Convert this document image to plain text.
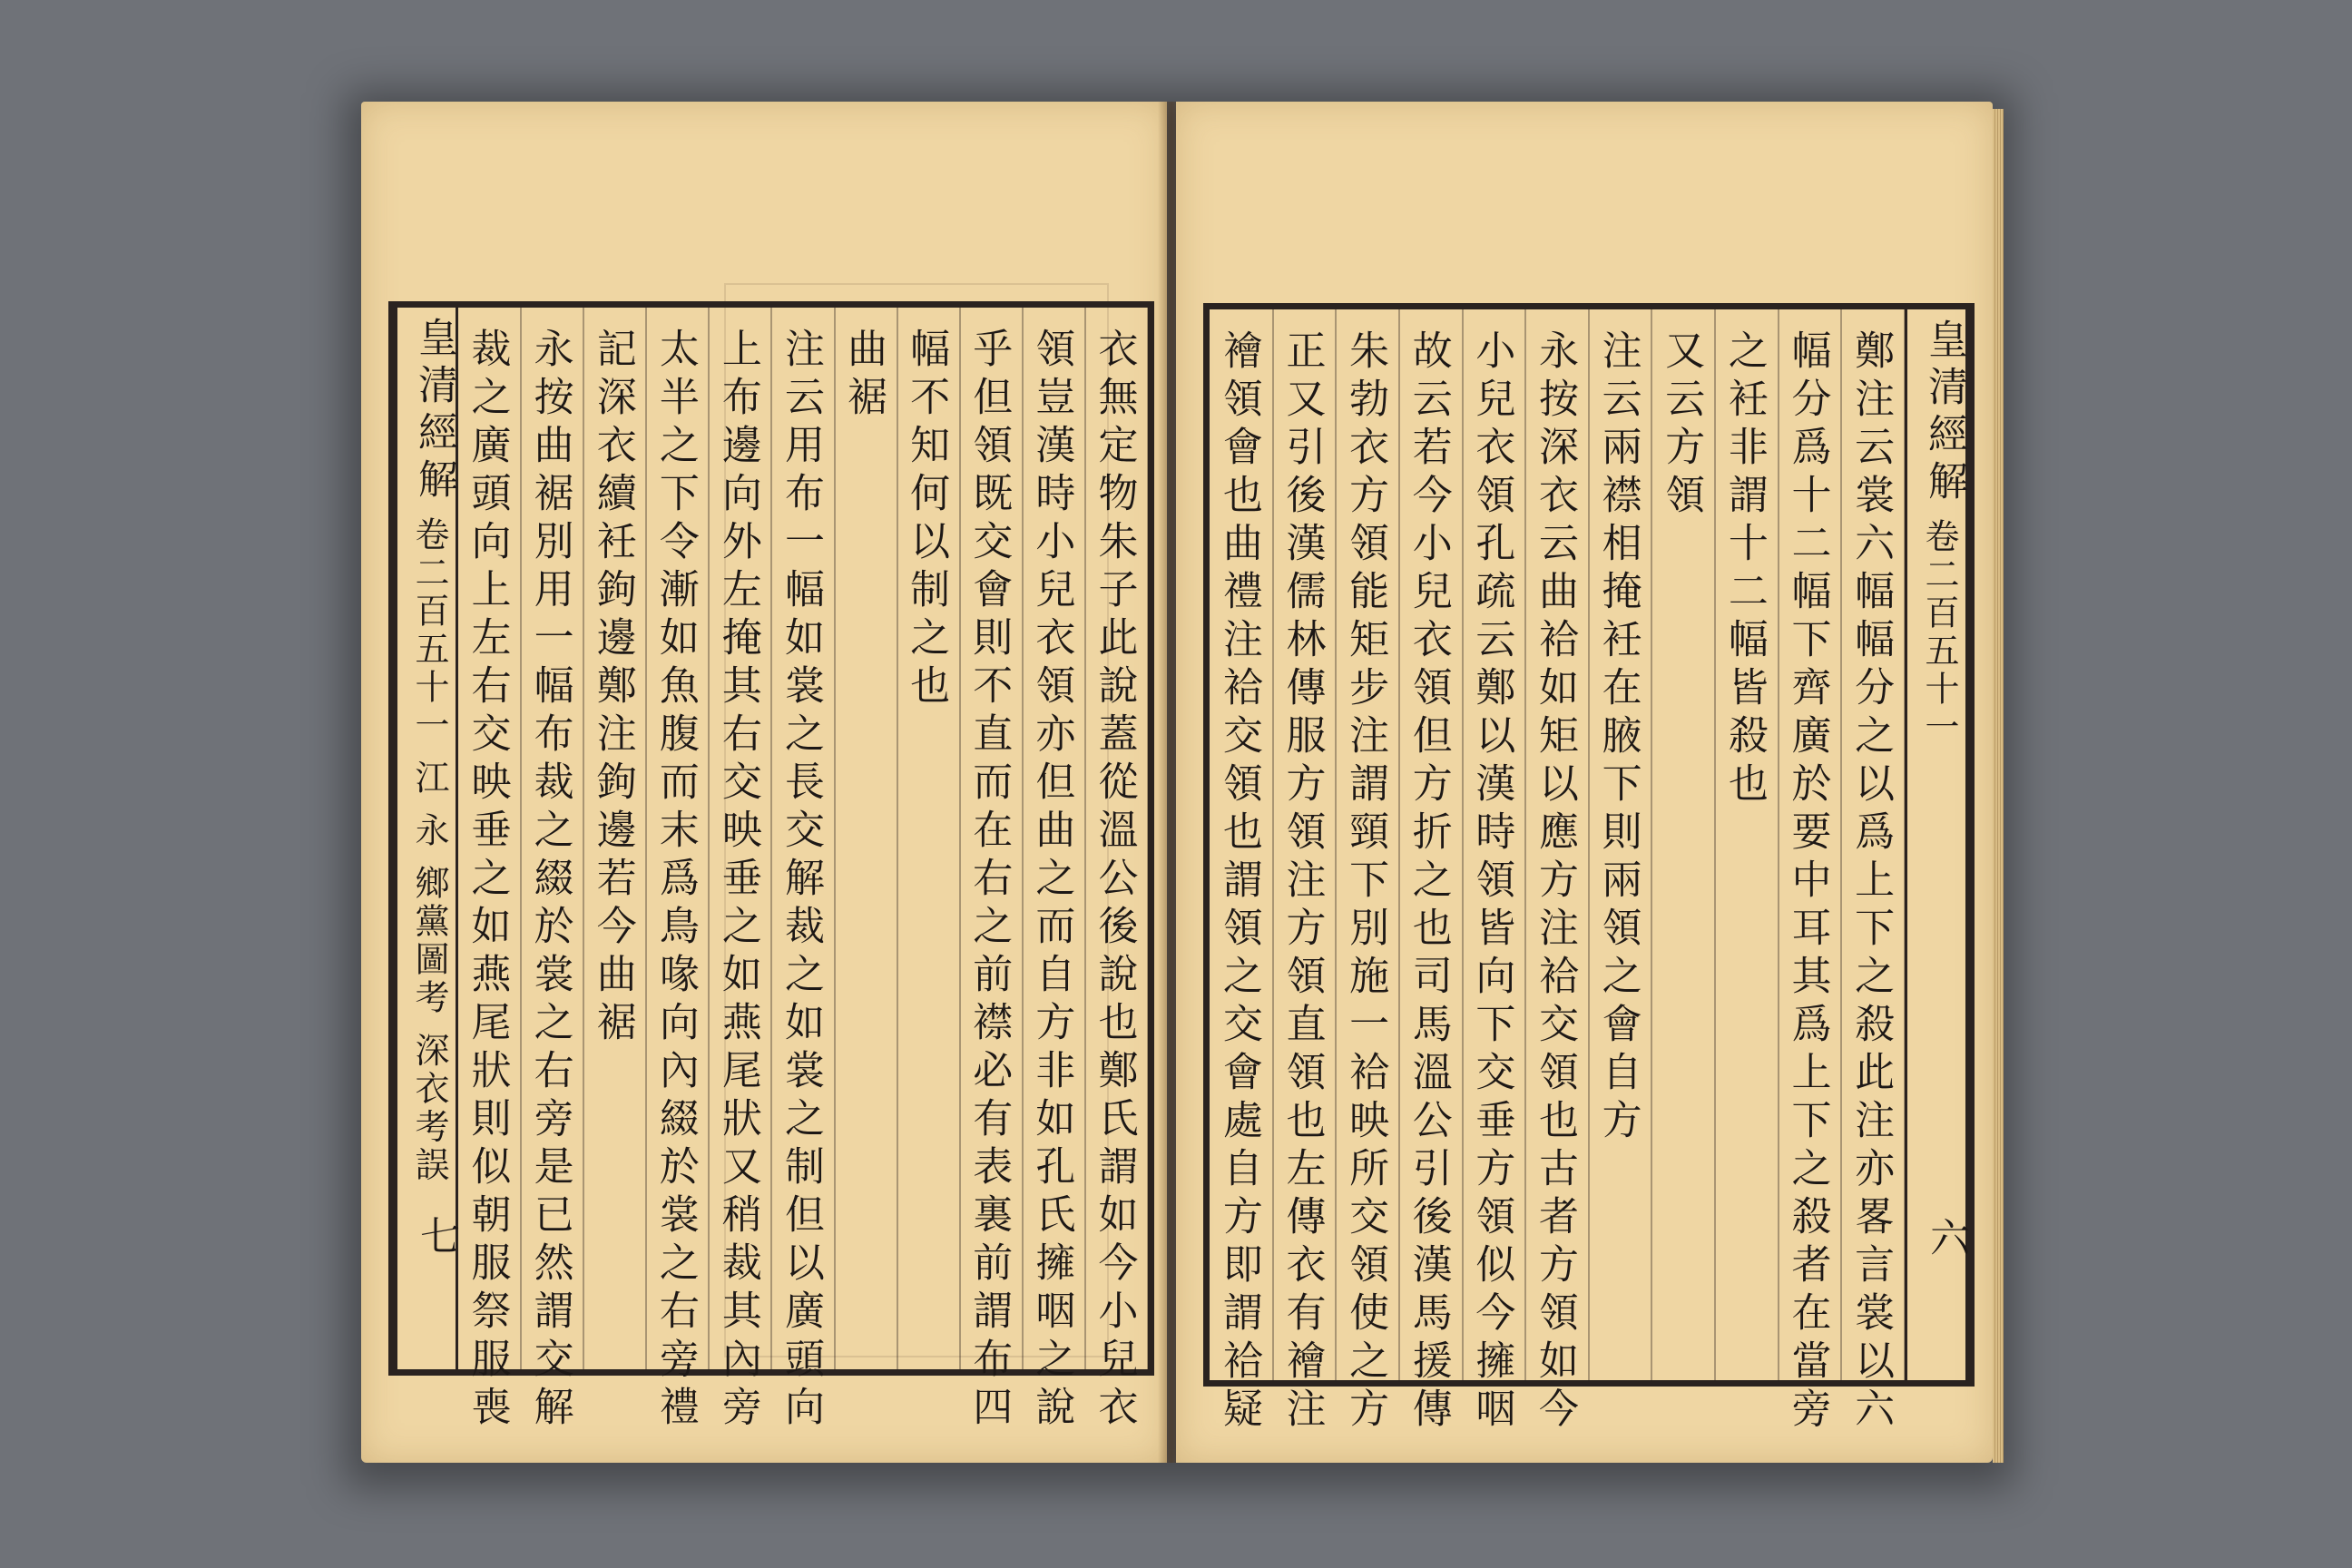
皇清經解
卷二百五十一 江 永 鄉黨圖考 深衣考誤
七	衣無定物朱子此說蓋從溫公後說也鄭氏謂如今小兒衣
領豈漢時小兒衣領亦但曲之而自方非如孔氏擁咽之說
乎但領既交會則不直而在右之前襟必有表裏前謂布四
幅不知何以制之也
曲裾
注云用布一幅如裳之長交解裁之如裳之制但以廣頭向
上布邊向外左掩其右交映垂之如燕尾狀又稍裁其內旁
太半之下令漸如魚腹而末爲鳥喙向內綴於裳之右旁禮
記深衣續衽鉤邊鄭注鉤邊若今曲裾
永按曲裾別用一幅布裁之綴於裳之右旁是已然謂交解
裁之廣頭向上左右交映垂之如燕尾狀則似朝服祭服喪	皇清經解
卷二百五十一
六
鄭注云裳六幅幅分之以爲上下之殺此注亦畧言裳以六
幅分爲十二幅下齊廣於要中耳其爲上下之殺者在當旁
之衽非謂十二幅皆殺也
又云方領
注云兩襟相掩衽在腋下則兩領之會自方
永按深衣云曲袷如矩以應方注袷交領也古者方領如今
小兒衣領孔疏云鄭以漢時領皆向下交垂方領似今擁咽
故云若今小兒衣領但方折之也司馬溫公引後漢馬援傳
朱勃衣方領能矩步注謂頸下別施一袷映所交領使之方
正又引後漢儒林傳服方領注方領直領也左傳衣有襘注
襘領會也曲禮注袷交領也謂領之交會處自方即謂袷疑
